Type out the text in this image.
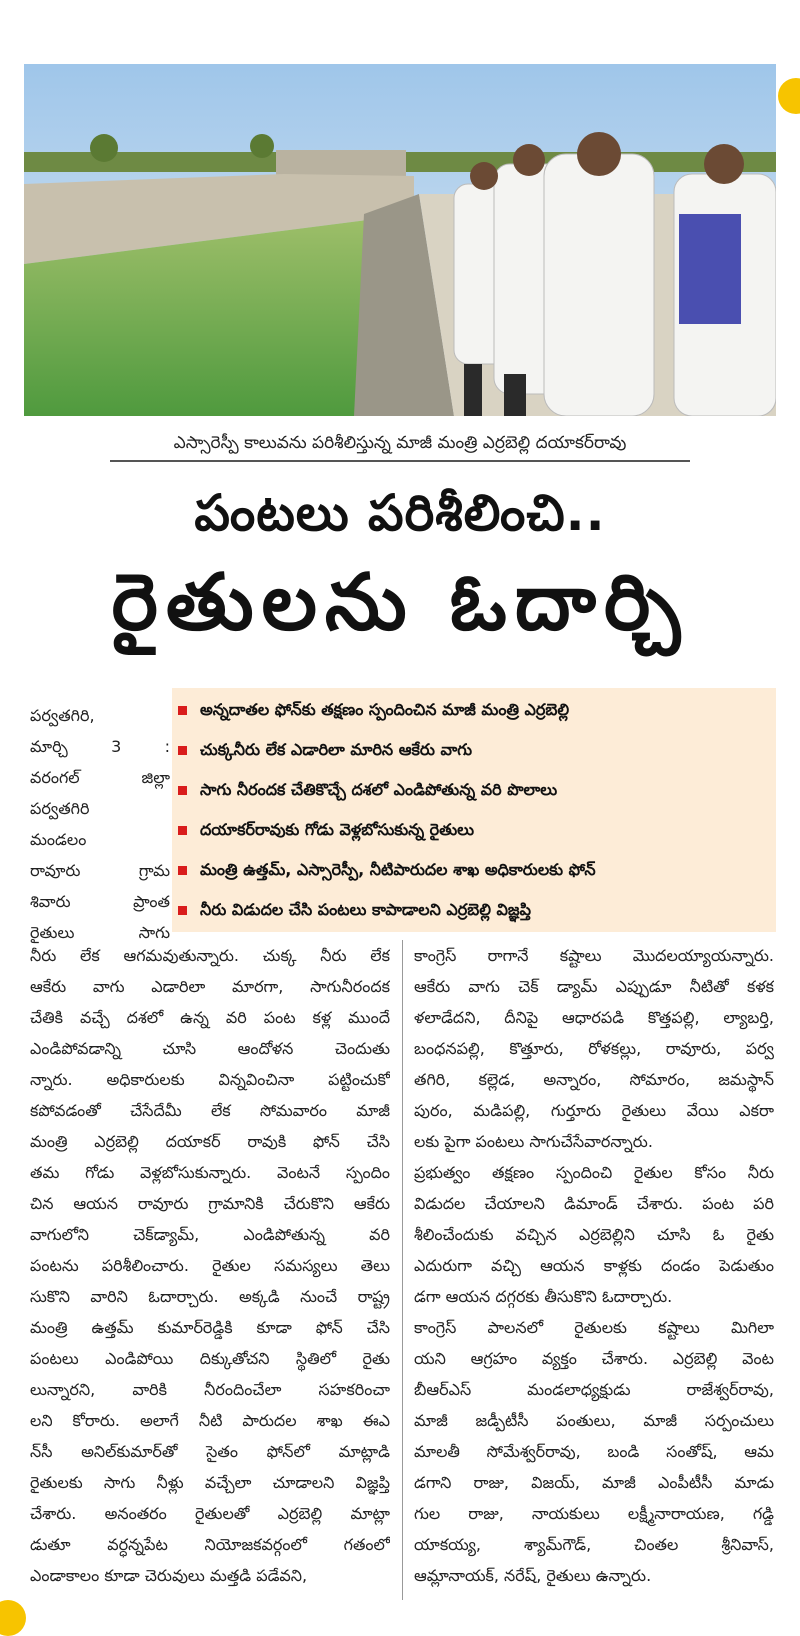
ఎస్సారెస్పీ కాలువను పరిశీలిస్తున్న మాజీ మంత్రి ఎర్రబెల్లి దయాకర్‌రావు
పంటలు పరిశీలించి..
రైతులను ఓదార్చి
పర్వతగిరి,
మార్చి 3 :
వరంగల్ జిల్లా
పర్వతగిరి
మండలం
రావూరు గ్రామ
శివారు ప్రాంత
రైతులు సాగు
అన్నదాతల ఫోన్‌కు తక్షణం స్పందించిన మాజీ మంత్రి ఎర్రబెల్లి
చుక్కనీరు లేక ఎడారిలా మారిన ఆకేరు వాగు
సాగు నీరందక చేతికొచ్చే దశలో ఎండిపోతున్న వరి పొలాలు
దయాకర్‌రావుకు గోడు వెళ్లబోసుకున్న రైతులు
మంత్రి ఉత్తమ్, ఎస్సారెస్పీ, నీటిపారుదల శాఖ అధికారులకు ఫోన్
నీరు విడుదల చేసి పంటలు కాపాడాలని ఎర్రబెల్లి విజ్ఞప్తి
నీరు లేక ఆగమవుతున్నారు. చుక్క నీరు లేక
ఆకేరు వాగు ఎడారిలా మారగా, సాగునీరందక
చేతికి వచ్చే దశలో ఉన్న వరి పంట కళ్ల ముందే
ఎండిపోవడాన్ని చూసి ఆందోళన చెందుతు
న్నారు. అధికారులకు విన్నవించినా పట్టించుకో
కపోవడంతో చేసేదేమీ లేక సోమవారం మాజీ
మంత్రి ఎర్రబెల్లి దయాకర్ రావుకి ఫోన్ చేసి
తమ గోడు వెళ్లబోసుకున్నారు. వెంటనే స్పందిం
చిన ఆయన రావూరు గ్రామానికి చేరుకొని ఆకేరు
వాగులోని చెక్‌డ్యామ్, ఎండిపోతున్న వరి
పంటను పరిశీలించారు. రైతుల సమస్యలు తెలు
సుకొని వారిని ఓదార్చారు. అక్కడి నుంచే రాష్ట్ర
మంత్రి ఉత్తమ్ కుమార్‌రెడ్డికి కూడా ఫోన్ చేసి
పంటలు ఎండిపోయి దిక్కుతోచని స్థితిలో రైతు
లున్నారని, వారికి నీరందించేలా సహకరించా
లని కోరారు. అలాగే నీటి పారుదల శాఖ ఈఎ
న్‌సీ అనిల్‌కుమార్‌తో సైతం ఫోన్‌లో మాట్లాడి
రైతులకు సాగు నీళ్లు వచ్చేలా చూడాలని విజ్ఞప్తి
చేశారు. అనంతరం రైతులతో ఎర్రబెల్లి మాట్లా
డుతూ వర్ధన్నపేట నియోజకవర్గంలో గతంలో
ఎండాకాలం కూడా చెరువులు మత్తడి పడేవని,
కాంగ్రెస్ రాగానే కష్టాలు మొదలయ్యాయన్నారు.
ఆకేరు వాగు చెక్ డ్యామ్ ఎప్పుడూ నీటితో కళక
ళలాడేదని, దీనిపై ఆధారపడి కొత్తపల్లి, ల్యాబర్తి,
బంధనపల్లి, కొత్తూరు, రోళకల్లు, రావూరు, పర్వ
తగిరి, కల్లెడ, అన్నారం, సోమారం, జమస్థాన్
పురం, మడిపల్లి, గుర్తూరు రైతులు వేయి ఎకరా
లకు పైగా పంటలు సాగుచేసేవారన్నారు.
ప్రభుత్వం తక్షణం స్పందించి రైతుల కోసం నీరు
విడుదల చేయాలని డిమాండ్ చేశారు. పంట పరి
శీలించేందుకు వచ్చిన ఎర్రబెల్లిని చూసి ఓ రైతు
ఎదురుగా వచ్చి ఆయన కాళ్లకు దండం పెడుతుం
డగా ఆయన దగ్గరకు తీసుకొని ఓదార్చారు.
కాంగ్రెస్ పాలనలో రైతులకు కష్టాలు మిగిలా
యని ఆగ్రహం వ్యక్తం చేశారు. ఎర్రబెల్లి వెంట
బీఆర్ఎస్ మండలాధ్యక్షుడు రాజేశ్వర్‌రావు,
మాజీ జడ్పీటీసీ పంతులు, మాజీ సర్పంచులు
మాలతీ సోమేశ్వర్‌రావు, బండి సంతోష్, ఆమ
డగాని రాజు, విజయ్, మాజీ ఎంపీటీసీ మాడు
గుల రాజు, నాయకులు లక్ష్మీనారాయణ, గడ్డి
యాకయ్య, శ్యామ్‌గౌడ్, చింతల శ్రీనివాస్,
ఆమ్లానాయక్, నరేష్, రైతులు ఉన్నారు.
